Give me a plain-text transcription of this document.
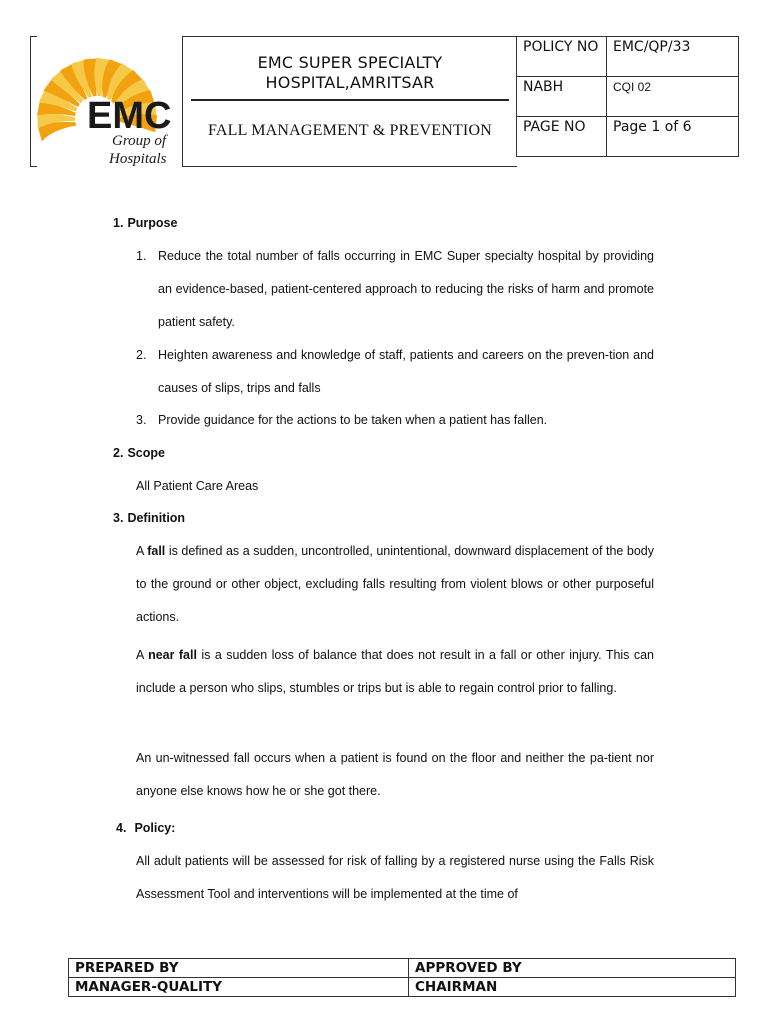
EMC
Group of
Hospitals
EMC SUPER SPECIALTY
HOSPITAL,AMRITSAR
FALL MANAGEMENT & PREVENTION
POLICY NO	EMC/QP/33
NABH	CQI 02
PAGE NO	Page 1 of 6
1. Purpose
1. Reduce the total number of falls occurring in EMC Super specialty hospital by providing an evidence-based, patient-centered approach to reducing the risks of harm and promote patient safety.
2. Heighten awareness and knowledge of staff, patients and careers on the preven-tion and causes of slips, trips and falls
3. Provide guidance for the actions to be taken when a patient has fallen.
2. Scope
All Patient Care Areas
3. Definition
A fall is defined as a sudden, uncontrolled, unintentional, downward displacement of the body to the ground or other object, excluding falls resulting from violent blows or other purposeful actions.
A near fall is a sudden loss of balance that does not result in a fall or other injury. This can include a person who slips, stumbles or trips but is able to regain control prior to falling.
An un-witnessed fall occurs when a patient is found on the floor and neither the pa-tient nor anyone else knows how he or she got there.
4. Policy:
All adult patients will be assessed for risk of falling by a registered nurse using the Falls Risk Assessment Tool and interventions will be implemented at the time of
PREPARED BY	APPROVED BY
MANAGER-QUALITY	CHAIRMAN
